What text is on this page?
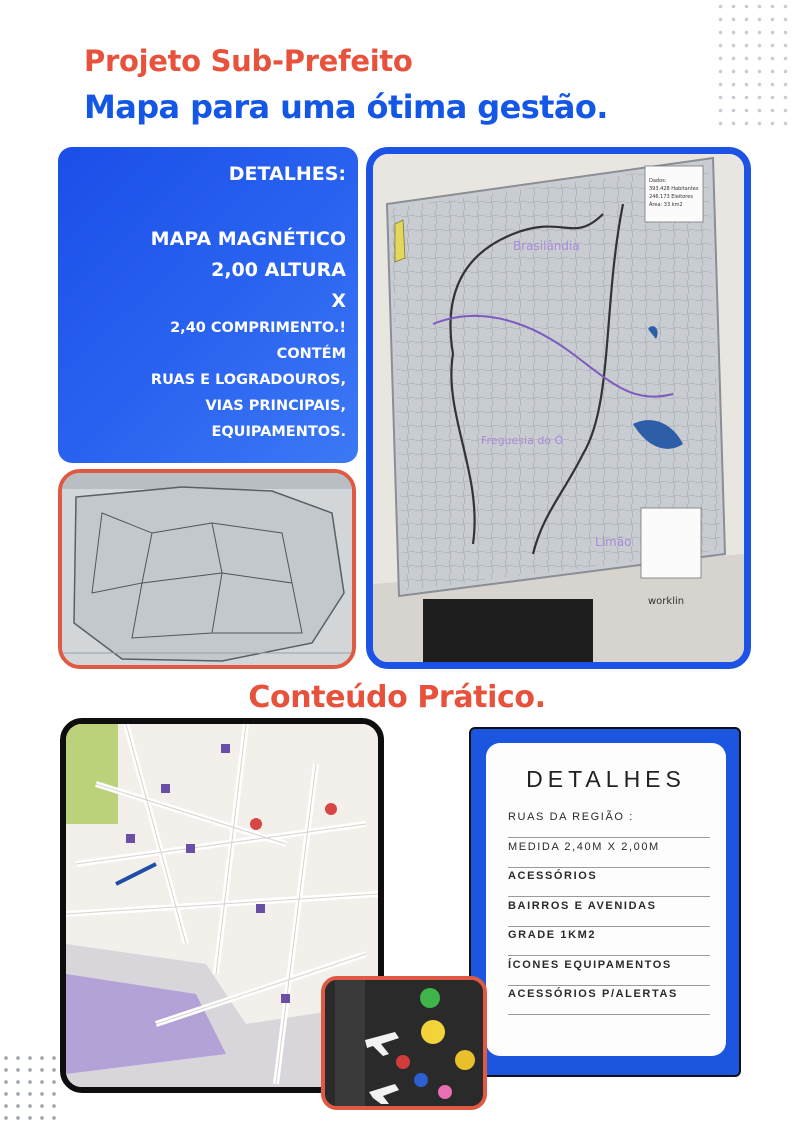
Projeto Sub-Prefeito
Mapa para uma ótima gestão.
DETALHES:
MAPA MAGNÉTICO
2,00 ALTURA
X
2,40 COMPRIMENTO.!
CONTÉM
RUAS E LOGRADOUROS,
VIAS PRINCIPAIS,
EQUIPAMENTOS.
Brasilândia
Freguesia do Ó
Limão
worklin
Dados:
393.428 Habitantes
246.173 Eleitores
Área: 33 km2
Conteúdo Prático.
DETALHES
RUAS DA REGIÃO :
MEDIDA 2,40M X 2,00M
ACESSÓRIOS
BAIRROS E AVENIDAS
GRADE 1KM2
ÍCONES EQUIPAMENTOS
ACESSÓRIOS P/ALERTAS
